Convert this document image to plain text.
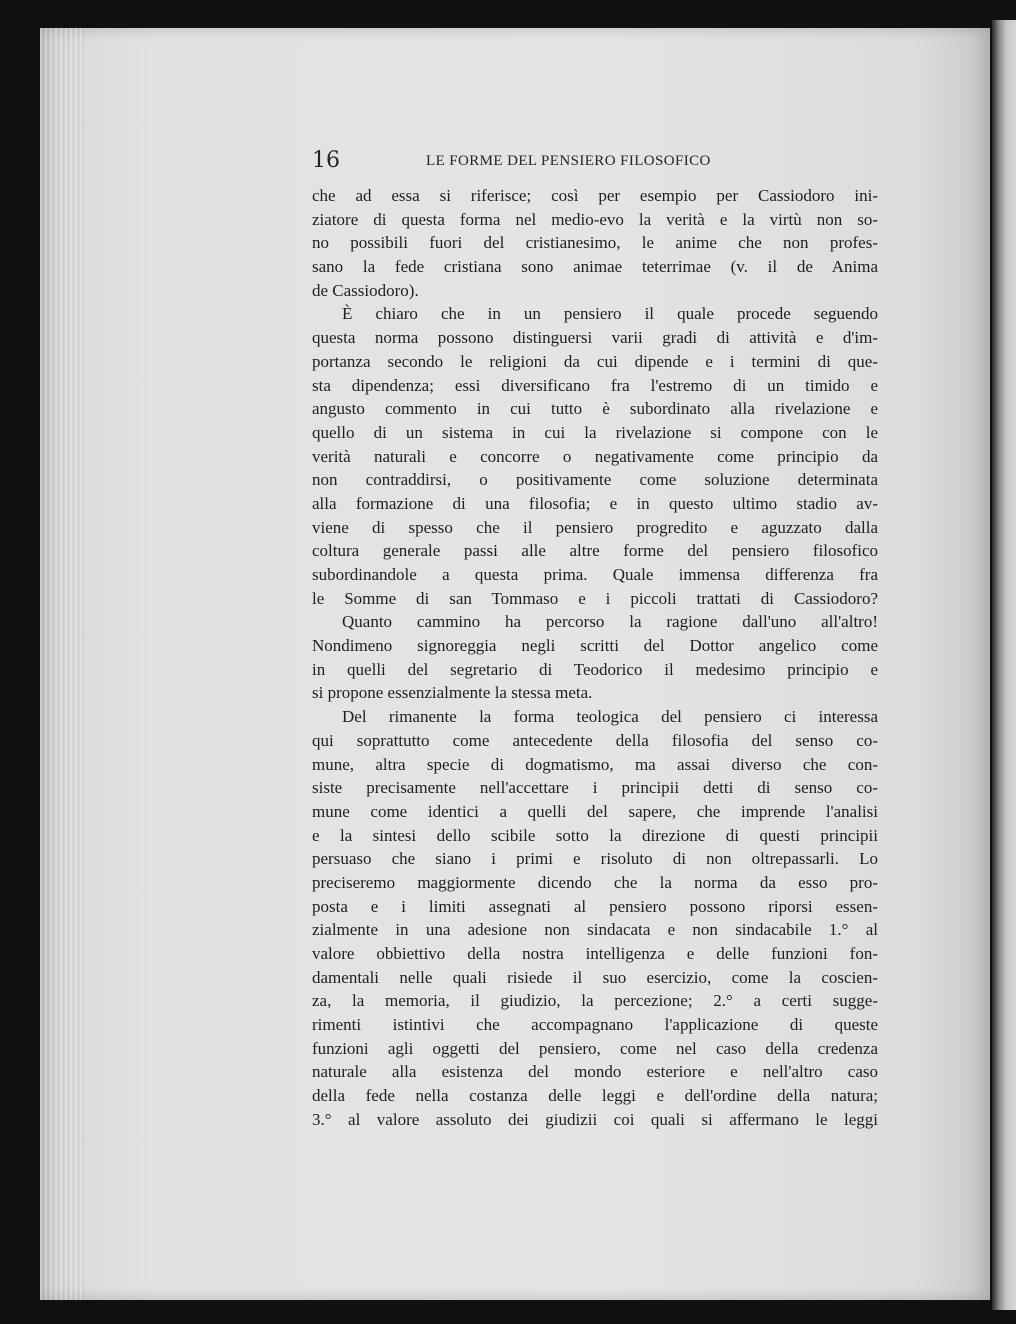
16	LE FORME DEL PENSIERO FILOSOFICO
che ad essa si riferisce; così per esempio per Cassiodoro ini-
ziatore di questa forma nel medio-evo la verità e la virtù non so-
no possibili fuori del cristianesimo, le anime che non profes-
sano la fede cristiana sono animae teterrimae (v. il de Anima
de Cassiodoro).
È chiaro che in un pensiero il quale procede seguendo
questa norma possono distinguersi varii gradi di attività e d'im-
portanza secondo le religioni da cui dipende e i termini di que-
sta dipendenza; essi diversificano fra l'estremo di un timido e
angusto commento in cui tutto è subordinato alla rivelazione e
quello di un sistema in cui la rivelazione si compone con le
verità naturali e concorre o negativamente come principio da
non contraddirsi, o positivamente come soluzione determinata
alla formazione di una filosofia; e in questo ultimo stadio av-
viene di spesso che il pensiero progredito e aguzzato dalla
coltura generale passi alle altre forme del pensiero filosofico
subordinandole a questa prima. Quale immensa differenza fra
le Somme di san Tommaso e i piccoli trattati di Cassiodoro?
Quanto cammino ha percorso la ragione dall'uno all'altro!
Nondimeno signoreggia negli scritti del Dottor angelico come
in quelli del segretario di Teodorico il medesimo principio e
si propone essenzialmente la stessa meta.
Del rimanente la forma teologica del pensiero ci interessa
qui soprattutto come antecedente della filosofia del senso co-
mune, altra specie di dogmatismo, ma assai diverso che con-
siste precisamente nell'accettare i principii detti di senso co-
mune come identici a quelli del sapere, che imprende l'analisi
e la sintesi dello scibile sotto la direzione di questi principii
persuaso che siano i primi e risoluto di non oltrepassarli. Lo
preciseremo maggiormente dicendo che la norma da esso pro-
posta e i limiti assegnati al pensiero possono riporsi essen-
zialmente in una adesione non sindacata e non sindacabile 1.° al
valore obbiettivo della nostra intelligenza e delle funzioni fon-
damentali nelle quali risiede il suo esercizio, come la coscien-
za, la memoria, il giudizio, la percezione; 2.° a certi sugge-
rimenti istintivi che accompagnano l'applicazione di queste
funzioni agli oggetti del pensiero, come nel caso della credenza
naturale alla esistenza del mondo esteriore e nell'altro caso
della fede nella costanza delle leggi e dell'ordine della natura;
3.° al valore assoluto dei giudizii coi quali si affermano le leggi
